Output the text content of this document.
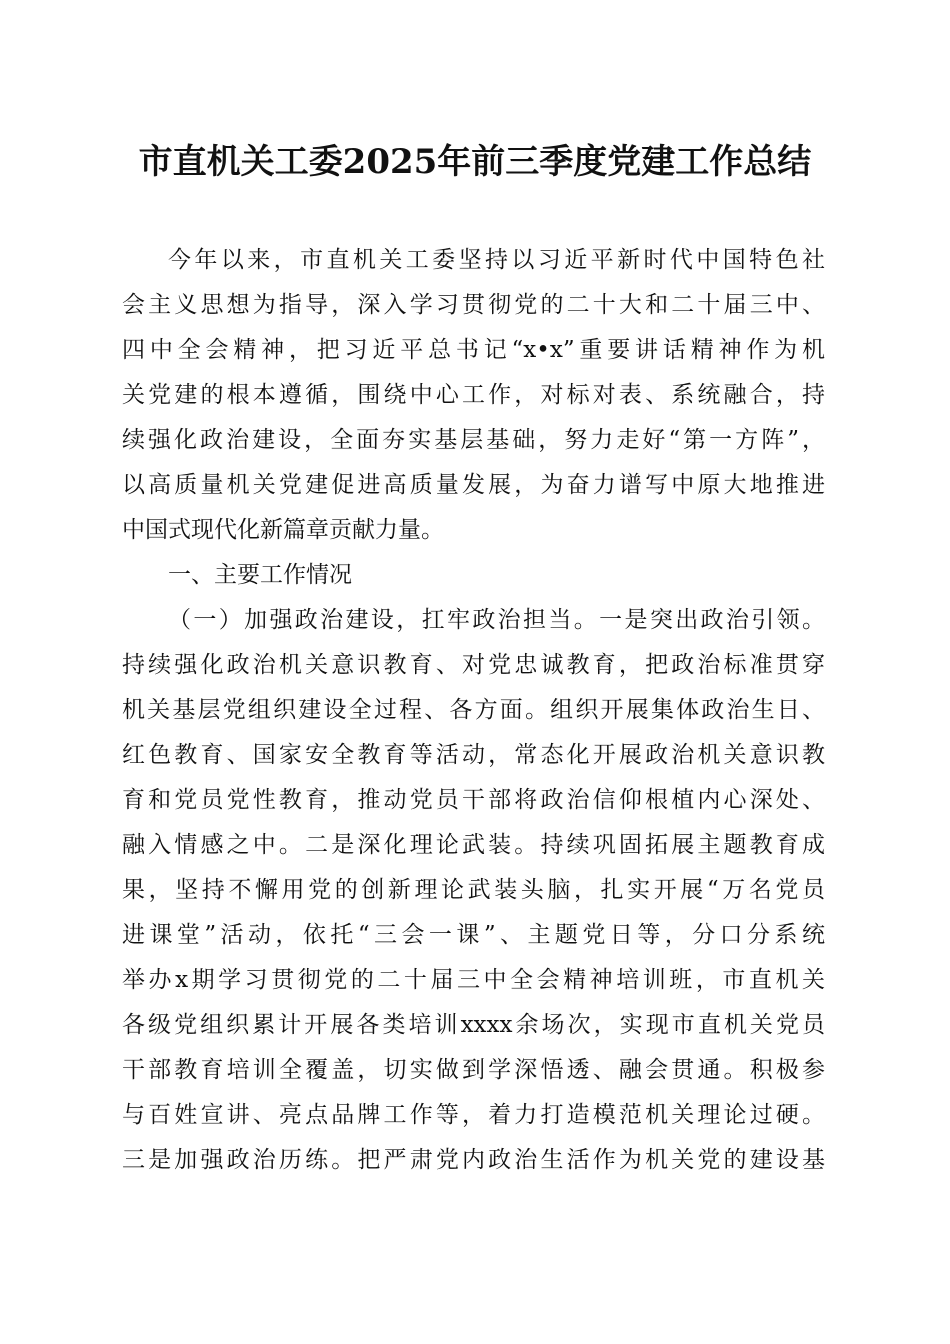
市直机关工委2025年前三季度党建工作总结
今年以来，市直机关工委坚持以习近平新时代中国特色社
会主义思想为指导，深入学习贯彻党的二十大和二十届三中、
四中全会精神，把习近平总书记“x•x”重要讲话精神作为机
关党建的根本遵循，围绕中心工作，对标对表、系统融合，持
续强化政治建设，全面夯实基层基础，努力走好“第一方阵”，
以高质量机关党建促进高质量发展，为奋力谱写中原大地推进
中国式现代化新篇章贡献力量。
一、主要工作情况
（一）加强政治建设，扛牢政治担当。一是突出政治引领。
持续强化政治机关意识教育、对党忠诚教育，把政治标准贯穿
机关基层党组织建设全过程、各方面。组织开展集体政治生日、
红色教育、国家安全教育等活动，常态化开展政治机关意识教
育和党员党性教育，推动党员干部将政治信仰根植内心深处、
融入情感之中。二是深化理论武装。持续巩固拓展主题教育成
果，坚持不懈用党的创新理论武装头脑，扎实开展“万名党员
进课堂”活动，依托“三会一课”、主题党日等，分口分系统
举办x期学习贯彻党的二十届三中全会精神培训班，市直机关
各级党组织累计开展各类培训xxxx余场次，实现市直机关党员
干部教育培训全覆盖，切实做到学深悟透、融会贯通。积极参
与百姓宣讲、亮点品牌工作等，着力打造模范机关理论过硬。
三是加强政治历练。把严肃党内政治生活作为机关党的建设基
